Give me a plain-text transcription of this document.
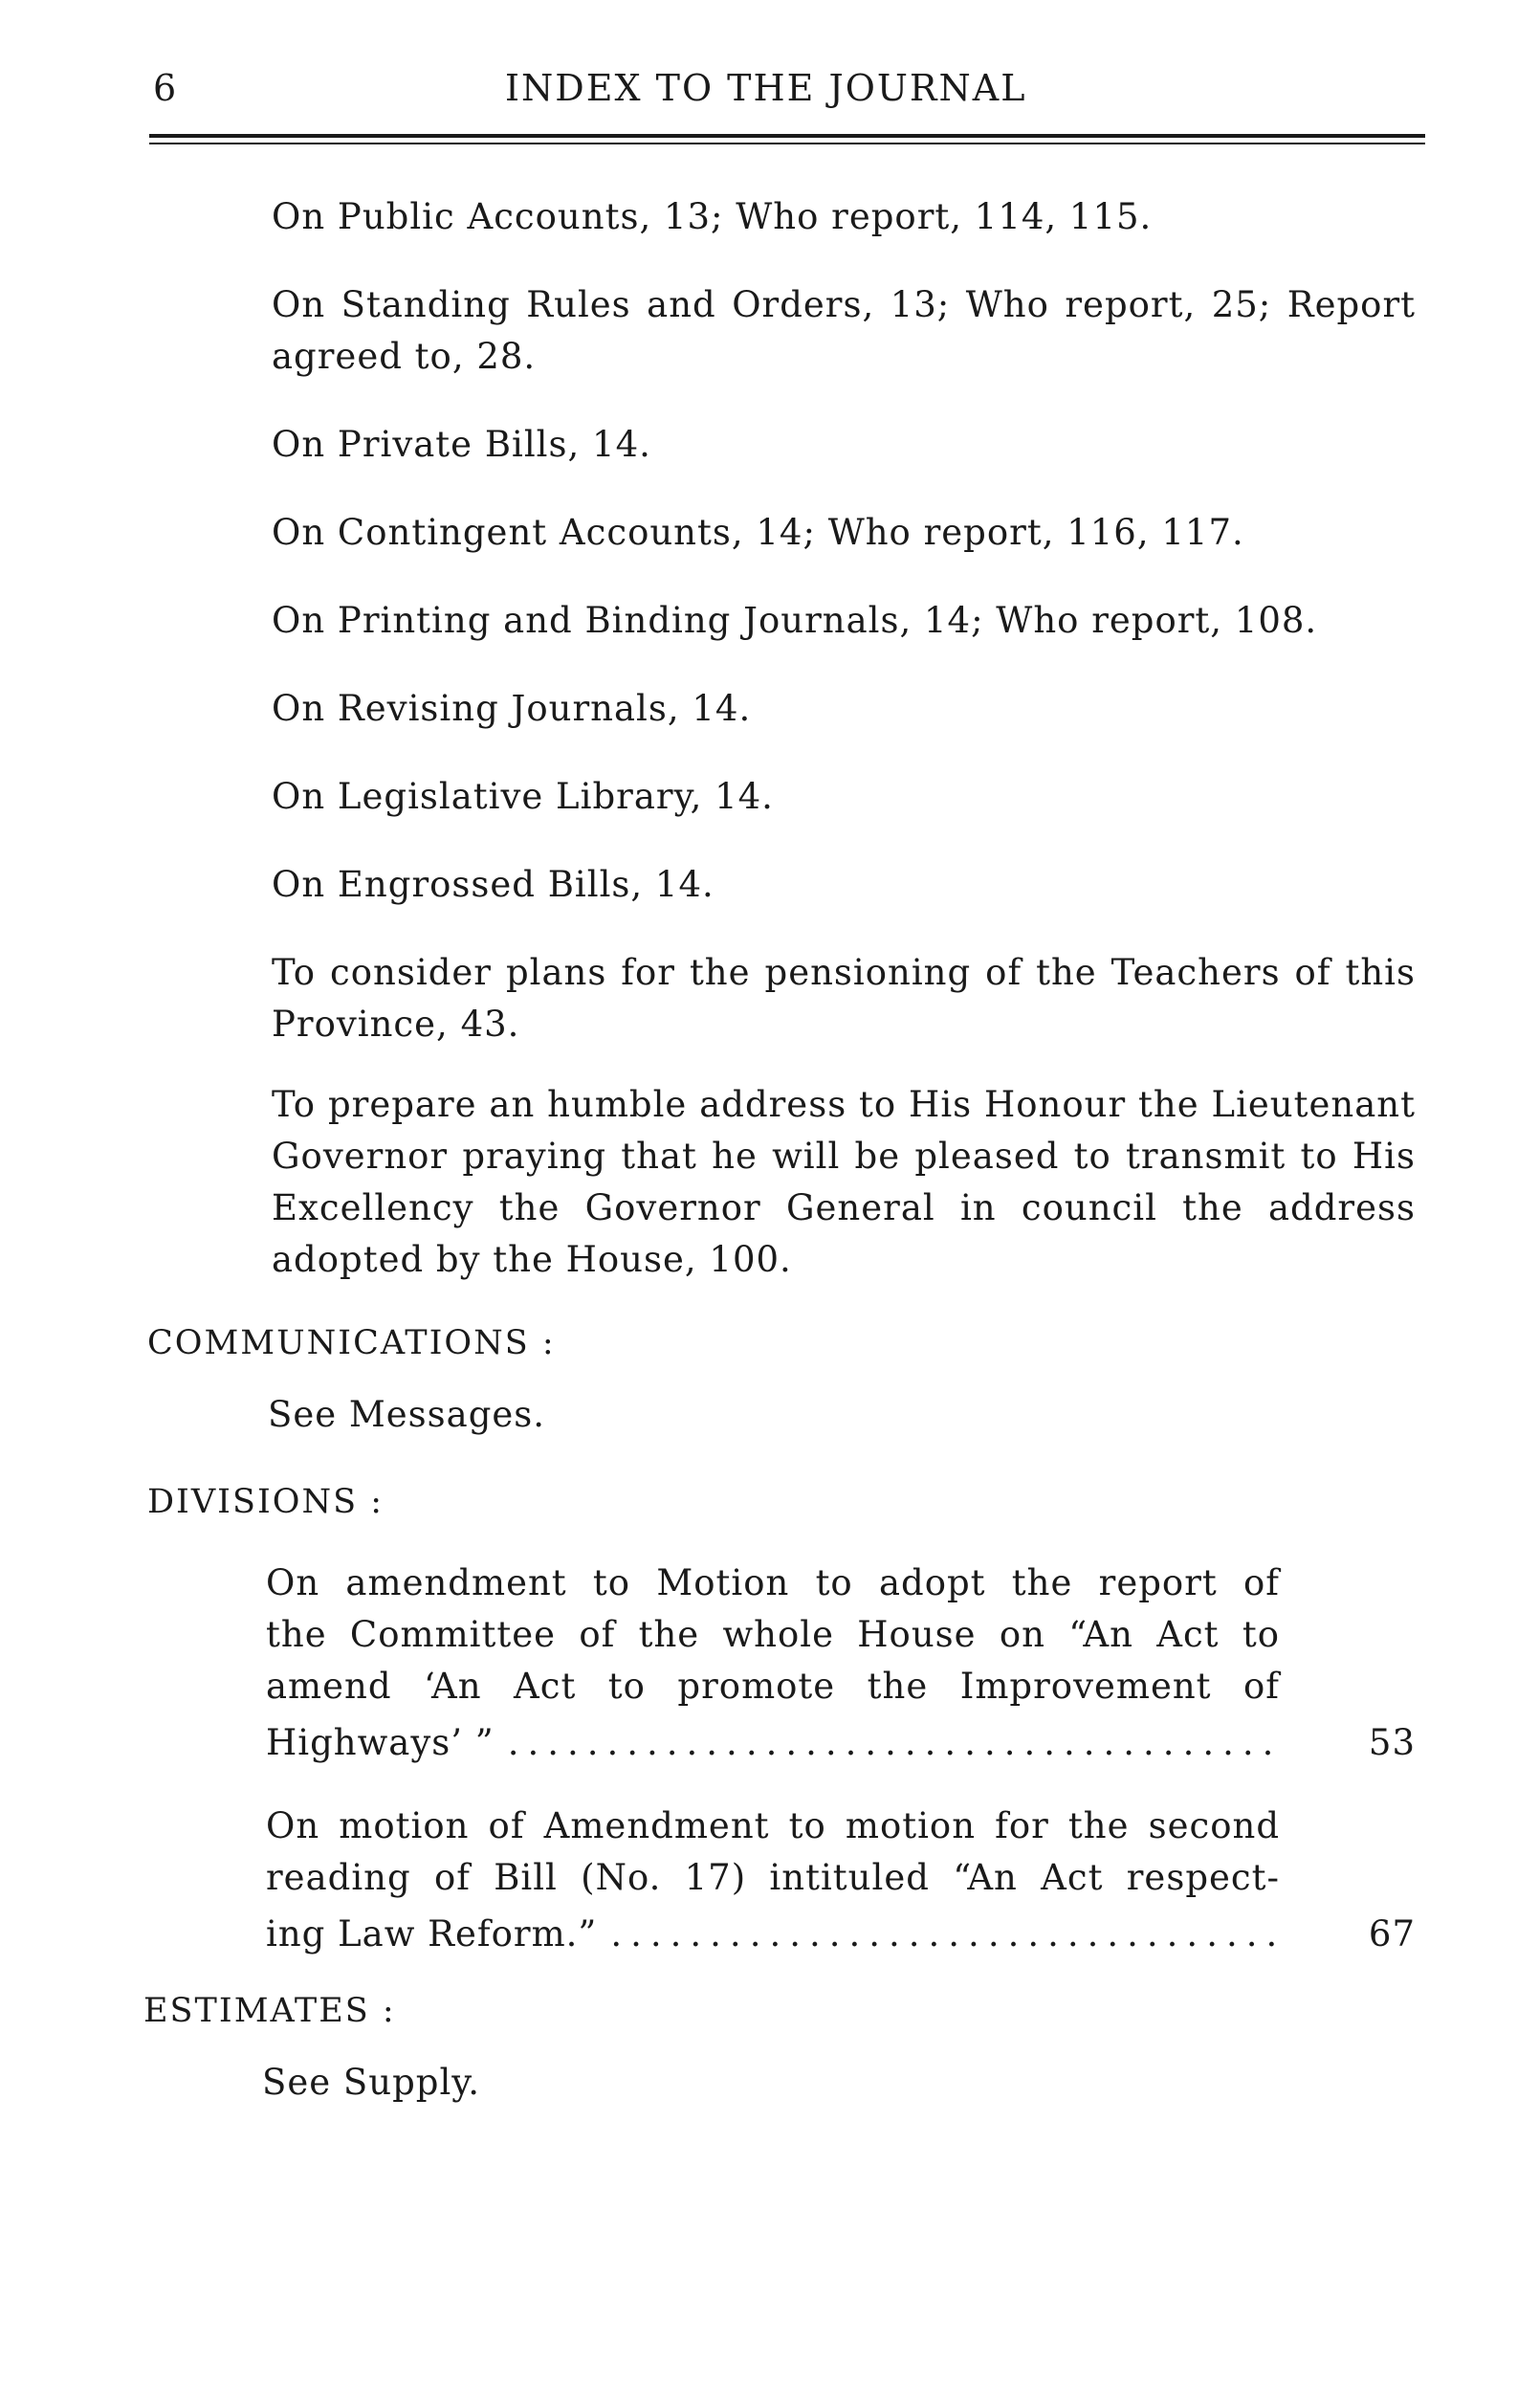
6	INDEX TO THE JOURNAL

On Public Accounts, 13; Who report, 114, 115.

On Standing Rules and Orders, 13; Who report, 25; Report agreed to, 28.

On Private Bills, 14.

On Contingent Accounts, 14; Who report, 116, 117.

On Printing and Binding Journals, 14; Who report, 108.

On Revising Journals, 14.

On Legislative Library, 14.

On Engrossed Bills, 14.

To consider plans for the pensioning of the Teachers of this Province, 43.

To prepare an humble address to His Honour the Lieutenant Governor praying that he will be pleased to transmit to His Excellency the Governor General in council the address adopted by the House, 100.

COMMUNICATIONS :

See Messages.

DIVISIONS :

On amendment to Motion to adopt the report of
the Committee of the whole House on “An Act to
amend ‘An Act to promote the Improvement of
Highways’ ” .....	53
On motion of Amendment to motion for the second
reading of Bill (No. 17) intituled “An Act respect-
ing Law Reform.” .....	67

ESTIMATES :

See Supply.
